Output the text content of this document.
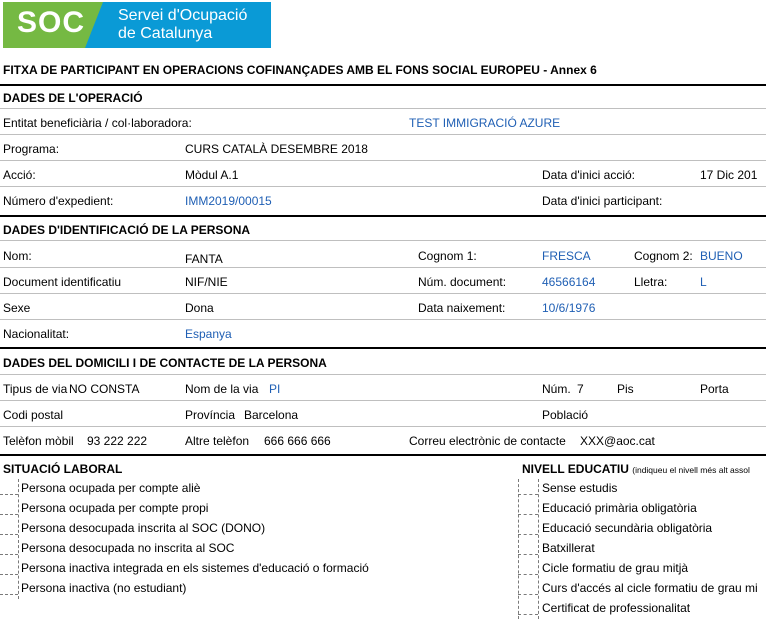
SOC Servei d'Ocupació
de Catalunya
FITXA DE PARTICIPANT EN OPERACIONS COFINANÇADES AMB EL FONS SOCIAL EUROPEU - Annex 6
DADES DE L'OPERACIÓ
Entitat beneficiària / col·laboradora:	TEST IMMIGRACIÓ AZURE
Programa:	CURS CATALÀ DESEMBRE 2018
Acció:	Mòdul A.1	Data d'inici acció:	17 Dic 201
Número d'expedient:	IMM2019/00015	Data d'inici participant:
DADES D'IDENTIFICACIÓ DE LA PERSONA
Nom:	FANTA	Cognom 1:	FRESCA	Cognom 2: BUENO
Document identificatiu	NIF/NIE	Núm. document:	46566164	Lletra:	L
Sexe	Dona	Data naixement:	10/6/1976
Nacionalitat:	Espanya
DADES DEL DOMICILI I DE CONTACTE DE LA PERSONA
Tipus de via NO CONSTA	Nom de la via PI	Núm. 7	Pis	Porta
Codi postal	Província Barcelona	Població
Telèfon mòbil 93 222 222	Altre telèfon 666 666 666	Correu electrònic de contacte XXX@aoc.cat
SITUACIÓ LABORAL	NIVELL EDUCATIU (indiqueu el nivell més alt assol
Persona ocupada per compte aliè
Persona ocupada per compte propi
Persona desocupada inscrita al SOC (DONO)
Persona desocupada no inscrita al SOC
Persona inactiva integrada en els sistemes d'educació o formació
Persona inactiva (no estudiant)
Sense estudis
Educació primària obligatòria
Educació secundària obligatòria
Batxillerat
Cicle formatiu de grau mitjà
Curs d'accés al cicle formatiu de grau mi
Certificat de professionalitat
